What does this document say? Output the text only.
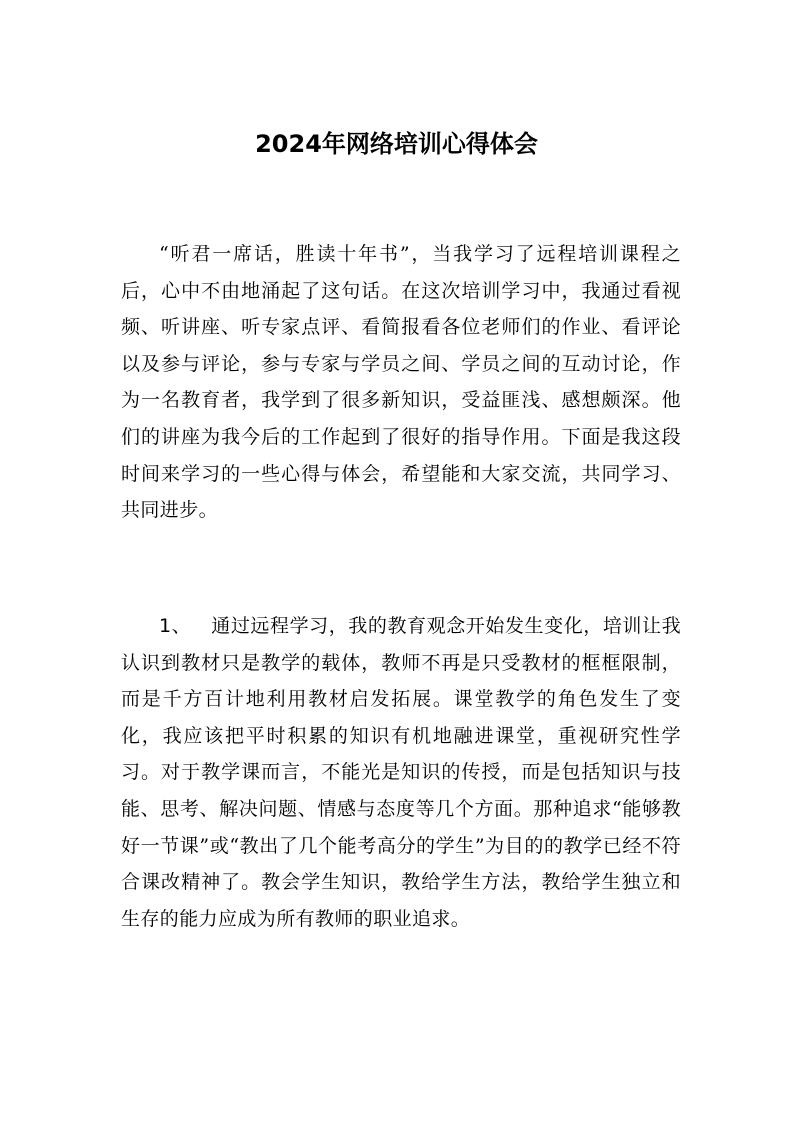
2024年网络培训心得体会

“听君一席话，胜读十年书”，当我学习了远程培训课程之后，心中不由地涌起了这句话。在这次培训学习中，我通过看视频、听讲座、听专家点评、看简报看各位老师们的作业、看评论以及参与评论，参与专家与学员之间、学员之间的互动讨论，作为一名教育者，我学到了很多新知识，受益匪浅、感想颇深。他们的讲座为我今后的工作起到了很好的指导作用。下面是我这段时间来学习的一些心得与体会，希望能和大家交流，共同学习、共同进步。

1、 通过远程学习，我的教育观念开始发生变化，培训让我认识到教材只是教学的载体，教师不再是只受教材的框框限制，而是千方百计地利用教材启发拓展。课堂教学的角色发生了变化，我应该把平时积累的知识有机地融进课堂，重视研究性学习。对于教学课而言，不能光是知识的传授，而是包括知识与技能、思考、解决问题、情感与态度等几个方面。那种追求“能够教好一节课”或“教出了几个能考高分的学生”为目的的教学已经不符合课改精神了。教会学生知识，教给学生方法，教给学生独立和生存的能力应成为所有教师的职业追求。
